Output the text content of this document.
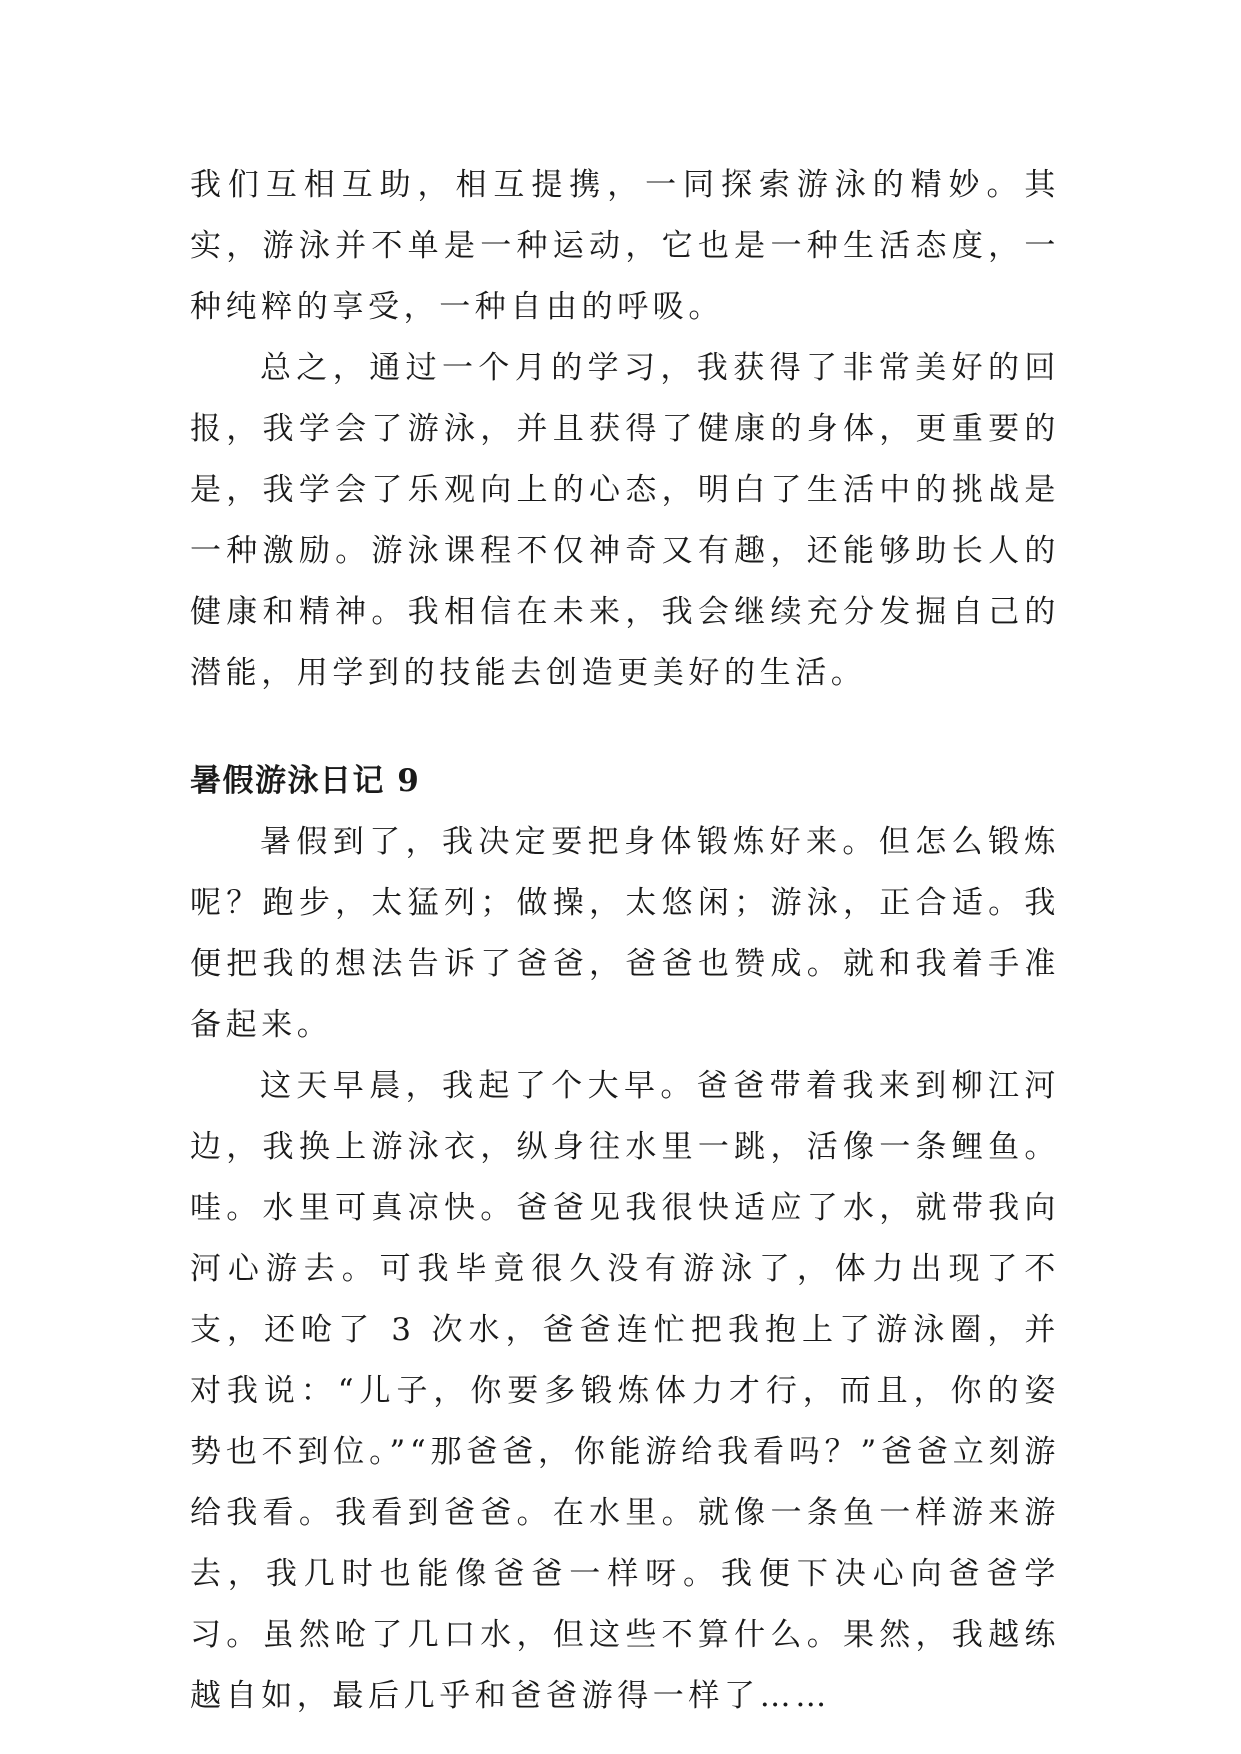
我们互相互助，相互提携，一同探索游泳的精妙。其实，游泳并不单是一种运动，它也是一种生活态度，一种纯粹的享受，一种自由的呼吸。

总之，通过一个月的学习，我获得了非常美好的回报，我学会了游泳，并且获得了健康的身体，更重要的是，我学会了乐观向上的心态，明白了生活中的挑战是一种激励。游泳课程不仅神奇又有趣，还能够助长人的健康和精神。我相信在未来，我会继续充分发掘自己的潜能，用学到的技能去创造更美好的生活。

暑假游泳日记 9

暑假到了，我决定要把身体锻炼好来。但怎么锻炼呢？跑步，太猛列；做操，太悠闲；游泳，正合适。我便把我的想法告诉了爸爸，爸爸也赞成。就和我着手准备起来。

这天早晨，我起了个大早。爸爸带着我来到柳江河边，我换上游泳衣，纵身往水里一跳，活像一条鲤鱼。哇。水里可真凉快。爸爸见我很快适应了水，就带我向河心游去。可我毕竟很久没有游泳了，体力出现了不支，还呛了 3 次水，爸爸连忙把我抱上了游泳圈，并对我说：“儿子，你要多锻炼体力才行，而且，你的姿势也不到位。”“那爸爸，你能游给我看吗？”爸爸立刻游给我看。我看到爸爸。在水里。就像一条鱼一样游来游去，我几时也能像爸爸一样呀。我便下决心向爸爸学习。虽然呛了几口水，但这些不算什么。果然，我越练越自如，最后几乎和爸爸游得一样了……
